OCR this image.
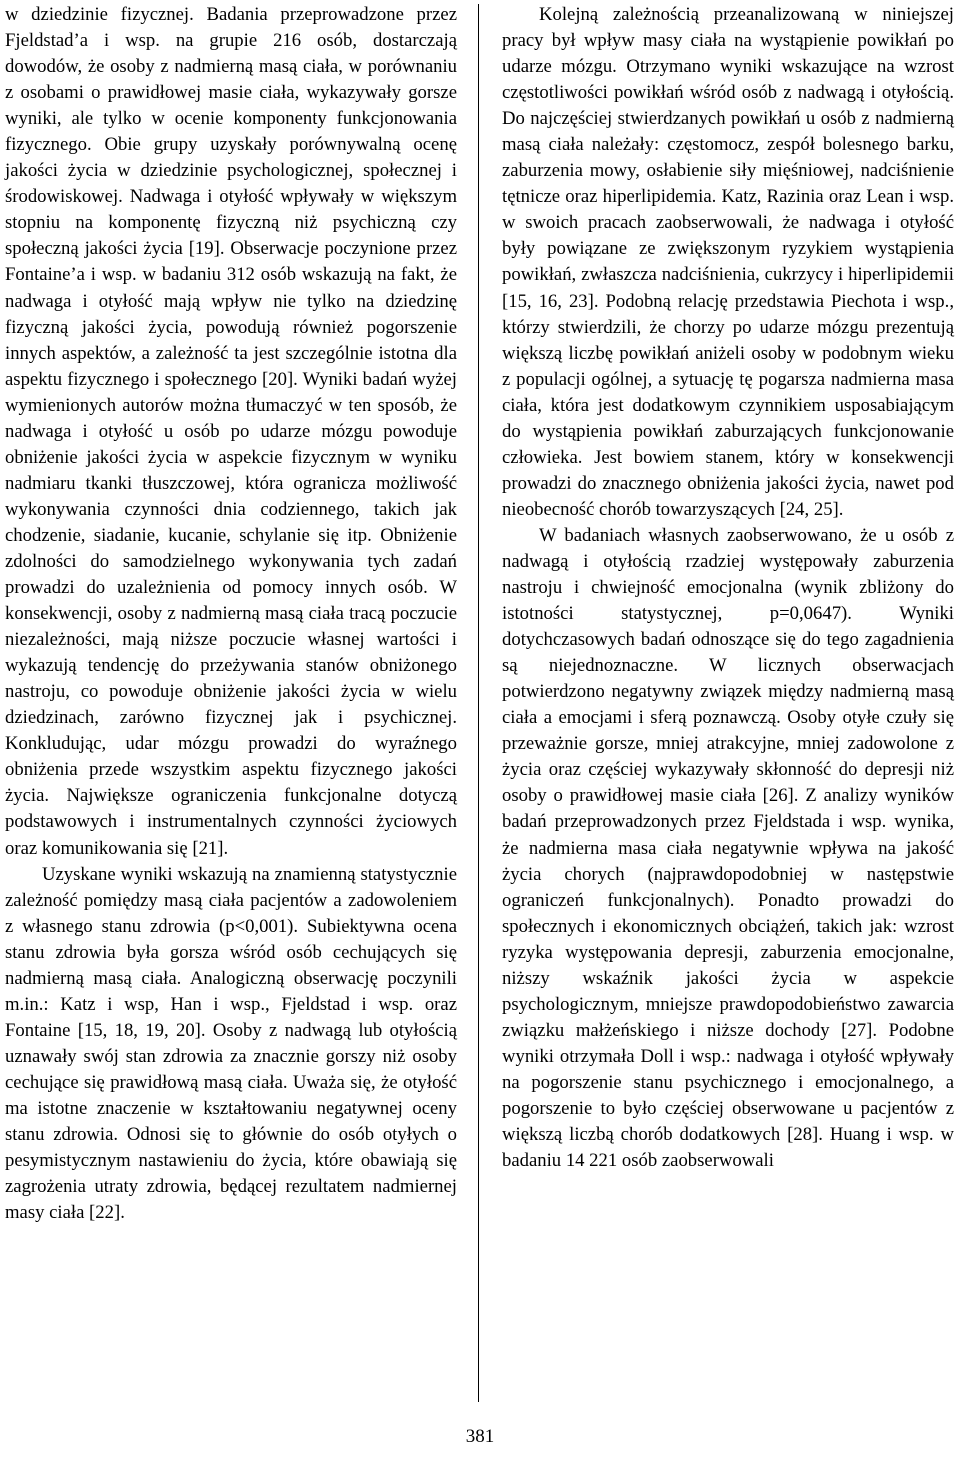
w dziedzinie fizycznej. Badania przeprowadzone przez Fjeldstad’a i wsp. na grupie 216 osób, dostarczają dowodów, że osoby z nadmierną masą ciała, w porównaniu z osobami o prawidłowej masie ciała, wykazywały gorsze wyniki, ale tylko w ocenie komponenty funkcjonowania fizycznego. Obie grupy uzyskały porównywalną ocenę jakości życia w dziedzinie psychologicznej, społecznej i środowiskowej. Nadwaga i otyłość wpływały w większym stopniu na komponentę fizyczną niż psychiczną czy społeczną jakości życia [19]. Obserwacje poczynione przez Fontaine’a i wsp. w badaniu 312 osób wskazują na fakt, że nadwaga i otyłość mają wpływ nie tylko na dziedzinę fizyczną jakości życia, powodują również pogorszenie innych aspektów, a zależność ta jest szczególnie istotna dla aspektu fizycznego i społecznego [20]. Wyniki badań wyżej wymienionych autorów można tłumaczyć w ten sposób, że nadwaga i otyłość u osób po udarze mózgu powoduje obniżenie jakości życia w aspekcie fizycznym w wyniku nadmiaru tkanki tłuszczowej, która ogranicza możliwość wykonywania czynności dnia codziennego, takich jak chodzenie, siadanie, kucanie, schylanie się itp. Obniżenie zdolności do samodzielnego wykonywania tych zadań prowadzi do uzależnienia od pomocy innych osób. W konsekwencji, osoby z nadmierną masą ciała tracą poczucie niezależności, mają niższe poczucie własnej wartości i wykazują tendencję do przeżywania stanów obniżonego nastroju, co powoduje obniżenie jakości życia w wielu dziedzinach, zarówno fizycznej jak i psychicznej. Konkludując, udar mózgu prowadzi do wyraźnego obniżenia przede wszystkim aspektu fizycznego jakości życia. Największe ograniczenia funkcjonalne dotyczą podstawowych i instrumentalnych czynności życiowych oraz komunikowania się [21].

Uzyskane wyniki wskazują na znamienną statystycznie zależność pomiędzy masą ciała pacjentów a zadowoleniem z własnego stanu zdrowia (p<0,001). Subiektywna ocena stanu zdrowia była gorsza wśród osób cechujących się nadmierną masą ciała. Analogiczną obserwację poczynili m.in.: Katz i wsp, Han i wsp., Fjeldstad i wsp. oraz Fontaine [15, 18, 19, 20]. Osoby z nadwagą lub otyłością uznawały swój stan zdrowia za znacznie gorszy niż osoby cechujące się prawidłową masą ciała. Uważa się, że otyłość ma istotne znaczenie w kształtowaniu negatywnej oceny stanu zdrowia. Odnosi się to głównie do osób otyłych o pesymistycznym nastawieniu do życia, które obawiają się zagrożenia utraty zdrowia, będącej rezultatem nadmiernej masy ciała [22].

Kolejną zależnością przeanalizowaną w niniejszej pracy był wpływ masy ciała na wystąpienie powikłań po udarze mózgu. Otrzymano wyniki wskazujące na wzrost częstotliwości powikłań wśród osób z nadwagą i otyłością. Do najczęściej stwierdzanych powikłań u osób z nadmierną masą ciała należały: częstomocz, zespół bolesnego barku, zaburzenia mowy, osłabienie siły mięśniowej, nadciśnienie tętnicze oraz hiperlipidemia. Katz, Razinia oraz Lean i wsp. w swoich pracach zaobserwowali, że nadwaga i otyłość były powiązane ze zwiększonym ryzykiem wystąpienia powikłań, zwłaszcza nadciśnienia, cukrzycy i hiperlipidemii [15, 16, 23]. Podobną relację przedstawia Piechota i wsp., którzy stwierdzili, że chorzy po udarze mózgu prezentują większą liczbę powikłań aniżeli osoby w podobnym wieku z populacji ogólnej, a sytuację tę pogarsza nadmierna masa ciała, która jest dodatkowym czynnikiem usposabiającym do wystąpienia powikłań zaburzających funkcjonowanie człowieka. Jest bowiem stanem, który w konsekwencji prowadzi do znacznego obniżenia jakości życia, nawet pod nieobecność chorób towarzyszących [24, 25].

W badaniach własnych zaobserwowano, że u osób z nadwagą i otyłością rzadziej występowały zaburzenia nastroju i chwiejność emocjonalna (wynik zbliżony do istotności statystycznej, p=0,0647). Wyniki dotychczasowych badań odnoszące się do tego zagadnienia są niejednoznaczne. W licznych obserwacjach potwierdzono negatywny związek między nadmierną masą ciała a emocjami i sferą poznawczą. Osoby otyłe czuły się przeważnie gorsze, mniej atrakcyjne, mniej zadowolone z życia oraz częściej wykazywały skłonność do depresji niż osoby o prawidłowej masie ciała [26]. Z analizy wyników badań przeprowadzonych przez Fjeldstada i wsp. wynika, że nadmierna masa ciała negatywnie wpływa na jakość życia chorych (najprawdopodobniej w następstwie ograniczeń funkcjonalnych). Ponadto prowadzi do społecznych i ekonomicznych obciążeń, takich jak: wzrost ryzyka występowania depresji, zaburzenia emocjonalne, niższy wskaźnik jakości życia w aspekcie psychologicznym, mniejsze prawdopodobieństwo zawarcia związku małżeńskiego i niższe dochody [27]. Podobne wyniki otrzymała Doll i wsp.: nadwaga i otyłość wpływały na pogorszenie stanu psychicznego i emocjonalnego, a pogorszenie to było częściej obserwowane u pacjentów z większą liczbą chorób dodatkowych [28]. Huang i wsp. w badaniu 14 221 osób zaobserwowali

381
